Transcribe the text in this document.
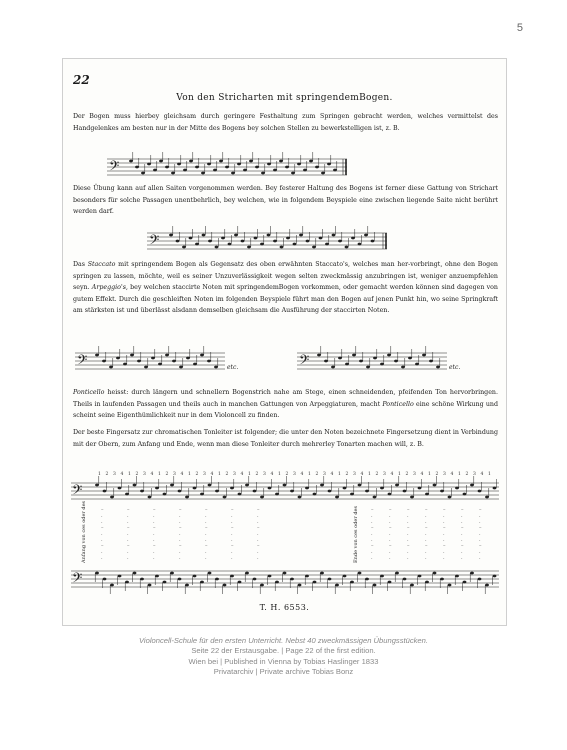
5
22
Von den Stricharten mit springendemBogen.
Der Bogen muss hierbey gleichsam durch geringere Festhaltung zum Springen gebracht werden, welches vermittelst des Handgelenkes am besten nur in der Mitte des Bogens bey solchen Stellen zu bewerkstelligen ist, z. B.
𝄢
Diese Übung kann auf allen Saiten vorgenommen werden. Bey festerer Haltung des Bogens ist ferner diese Gattung von Strichart besonders für solche Passagen unentbehrlich, bey welchen, wie in folgendem Beyspiele eine zwischen liegende Saite nicht berührt werden darf.
𝄢
Das Staccato mit springendem Bogen als Gegensatz des oben erwähnten Staccato's, welches man her-vorbringt, ohne den Bogen springen zu lassen, möchte, weil es seiner Unzuverlässigkeit wegen selten zweckmässig anzubringen ist, weniger anzuempfehlen seyn. Arpeggio's, bey welchen staccirte Noten mit springendemBogen vorkommen, oder gemacht werden können sind dagegen von gutem Effekt. Durch die geschleiften Noten im folgenden Beyspiele führt man den Bogen auf jenen Punkt hin, wo seine Springkraft am stärksten ist und überlässt alsdann demselben gleichsam die Ausführung der staccirten Noten.
𝄢	etc.	𝄢	etc.
Ponticello heisst: durch längern und schnellern Bogenstrich nahe am Stege, einen schneidenden, pfeifenden Ton hervorbringen. Theils in laufenden Passagen und theils auch in manchen Gattungen von Arpeggiaturen, macht Ponticello eine schöne Wirkung und scheint seine Eigenthümlichkeit nur in dem Violoncell zu finden.
Der beste Fingersatz zur chromatischen Tonleiter ist folgender; die unter den Noten bezeichnete Fingersetzung dient in Verbindung mit der Obern, zum Anfang und Ende, wenn man diese Tonleiter durch mehrerley Tonarten machen will, z. B.
𝄢
𝄢
1 2 3 4 1 2 3 4 1 2 3 4 1 2 3 4 1 2 3 4 1 2 3 4 1 2 3 4 1 2 3 4 1 2 3 4 1 2 3 4 1 2 3 4 1 2 3 4 1 2 3 4 1
Anfang von ces oder des	Ende von ces oder des
–
.
.
–
.
.
–
.
.
–
.
.
–
.
.
–
.
.
–
.
.
–
.
.
–
.
.
–
.
.
–
.
.
–
.
.
–
.
.
–
.
.
–
.
.
–
.
.
–
.
.
–
.
.
–
.
.
–
.
.
–
.
.
–
.
.
–
.
.
–
.
.
–
.
.
–
.
.
–
.
.
–
.
.
–
.
.
–
.
.
–
.
.
–
.
.
–
.
.
–
.
.
–
.
.
–
.
.
–
.
.
–
.
.
–
.
.
–
.
.
–
.
.
–
.
.
T. H. 6553.
Violoncell-Schule für den ersten Unterricht. Nebst 40 zweckmässigen Übungsstücken.
Seite 22 der Erstausgabe. | Page 22 of the first edition.
Wien bei | Published in Vienna by Tobias Haslinger 1833
Privatarchiv | Private archive Tobias Bonz
